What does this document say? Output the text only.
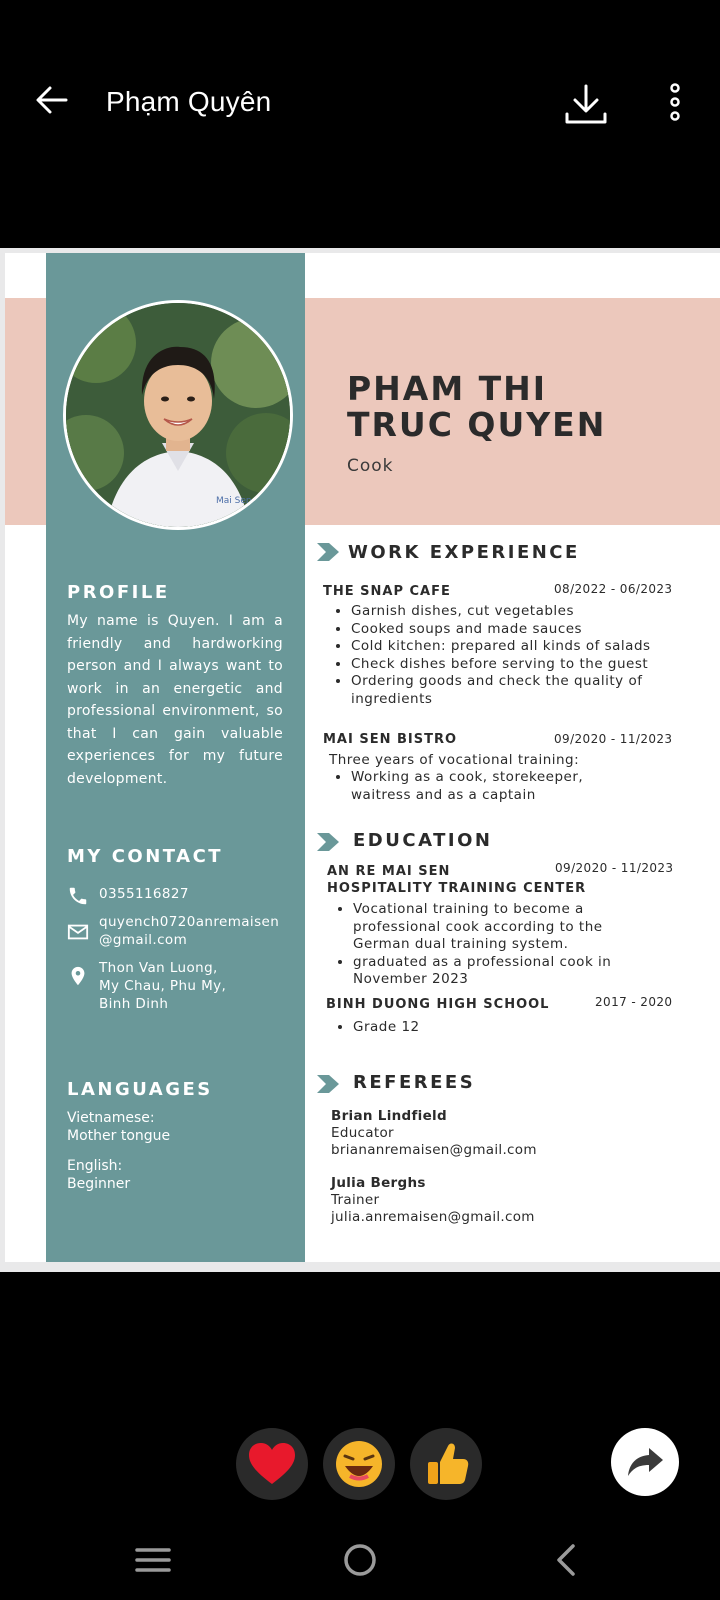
Phạm Quyên
Mai Sen
PHAM THI
TRUC QUYEN
Cook
PROFILE
My name is Quyen. I am a friendly and hardworking person and I always want to work in an energetic and professional environment, so that I can gain valuable experiences for my future development.
MY CONTACT
0355116827
quyench0720anremaisen
@gmail.com
Thon Van Luong,
My Chau, Phu My,
Binh Dinh
LANGUAGES
Vietnamese:
Mother tongue
English:
Beginner
WORK EXPERIENCE
THE SNAP CAFE	08/2022 - 06/2023
• Garnish dishes, cut vegetables
• Cooked soups and made sauces
• Cold kitchen: prepared all kinds of salads
• Check dishes before serving to the guest
• Ordering goods and check the quality of ingredients
MAI SEN BISTRO	09/2020 - 11/2023
Three years of vocational training:
• Working as a cook, storekeeper, waitress and as a captain
EDUCATION
AN RE MAI SEN
HOSPITALITY TRAINING CENTER
09/2020 - 11/2023
• Vocational training to become a professional cook according to the German dual training system.
• graduated as a professional cook in November 2023
BINH DUONG HIGH SCHOOL	2017 - 2020
• Grade 12
REFEREES
Brian Lindfield
Educator
briananremaisen@gmail.com
Julia Berghs
Trainer
julia.anremaisen@gmail.com
